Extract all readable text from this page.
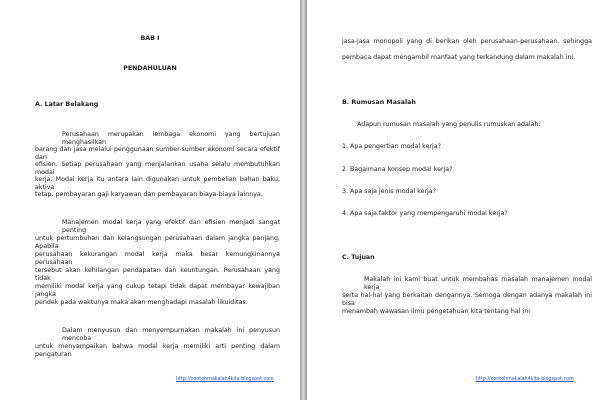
BAB I
PENDAHULUAN
A. Latar Belakang
Perusahaan merupakan lembaga ekonomi yang bertujuan menghasilkan
barang dan jasa melalui penggunaan sumber-sumber ekonomi secara efektif dan
efisien. Setiap perusahaan yang menjalankan usaha selalu membutuhkan modal
kerja. Modal kerja itu antara lain digunakan untuk pembelian bahan baku, aktiva
tetap, pembayaran gaji karyawan dan pembayaran biaya-biaya lainnya.
Manajemen modal kerja yang efektif dan efisien menjadi sangat penting
untuk pertumbuhan dan kelangsungan perusahaan dalam jangka panjang. Apabila
perusahaan kekurangan modal kerja maka besar kemungkinannya perusahaan
tersebut akan kehilangan pendapatan dan keuntungan. Perusahaan yang tidak
memiliki modal kerja yang cukup tetapi tidak dapat membayar kewajiban jangka
pendek pada waktunya maka akan menghadapi masalah likuiditas.
Dalam menyusun dan menyempurnakan makalah ini penyusun mencoba
untuk menyampaikan bahwa modal kerja memiliki arti penting dalam pengaturan
http://contohmakalah4kita.blogspot.com
jasa-jasa monopoli yang di berikan oleh perusahaan-perusahaan. sehingga
pembaca dapat mengambil manfaat yang terkandung dalam makalah ini.
B. Rumusan Masalah
Adapun rumusan masalah yang penulis rumuskan adalah:
1. Apa pengertian modal kerja?
2. Bagaimana konsep modal kerja?
3. Apa saja jenis modal kerja?
4. Apa saja faktor yang mempengaruhi modal kerja?
C. Tujuan
Makalah ini kami buat untuk membahas masalah manajemen modal kerja
serta hal-hal yang berkaitan dengannya. Semoga dengan adanya makalah ini bisa
menambah wawasan ilmu pengetahuan kita tentang hal ini
http://contohmakalah4kita.blogspot.com
